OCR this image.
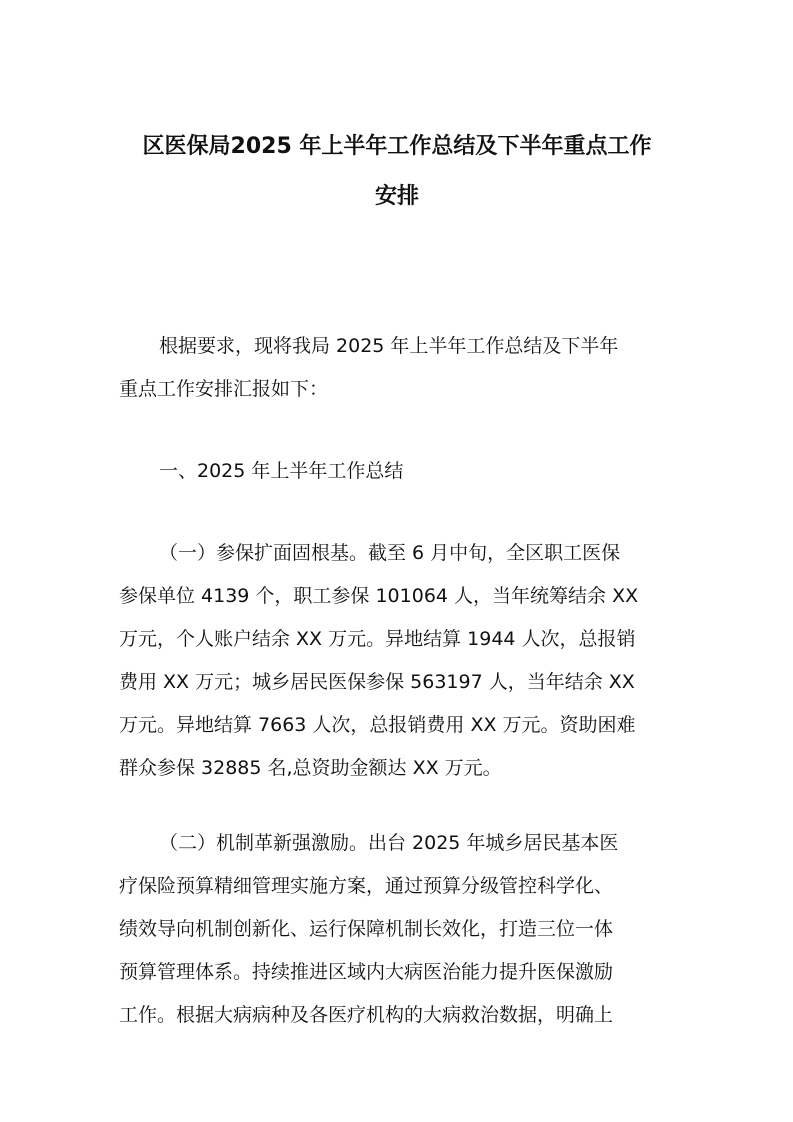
区医保局2025 年上半年工作总结及下半年重点工作
安排
根据要求，现将我局 2025 年上半年工作总结及下半年
重点工作安排汇报如下：
一、2025 年上半年工作总结
（一）参保扩面固根基。截至 6 月中旬，全区职工医保
参保单位 4139 个，职工参保 101064 人，当年统筹结余 XX
万元，个人账户结余 XX 万元。异地结算 1944 人次，总报销
费用 XX 万元；城乡居民医保参保 563197 人，当年结余 XX
万元。异地结算 7663 人次，总报销费用 XX 万元。资助困难
群众参保 32885 名,总资助金额达 XX 万元。
（二）机制革新强激励。出台 2025 年城乡居民基本医
疗保险预算精细管理实施方案，通过预算分级管控科学化、
绩效导向机制创新化、运行保障机制长效化，打造三位一体
预算管理体系。持续推进区域内大病医治能力提升医保激励
工作。根据大病病种及各医疗机构的大病救治数据，明确上
